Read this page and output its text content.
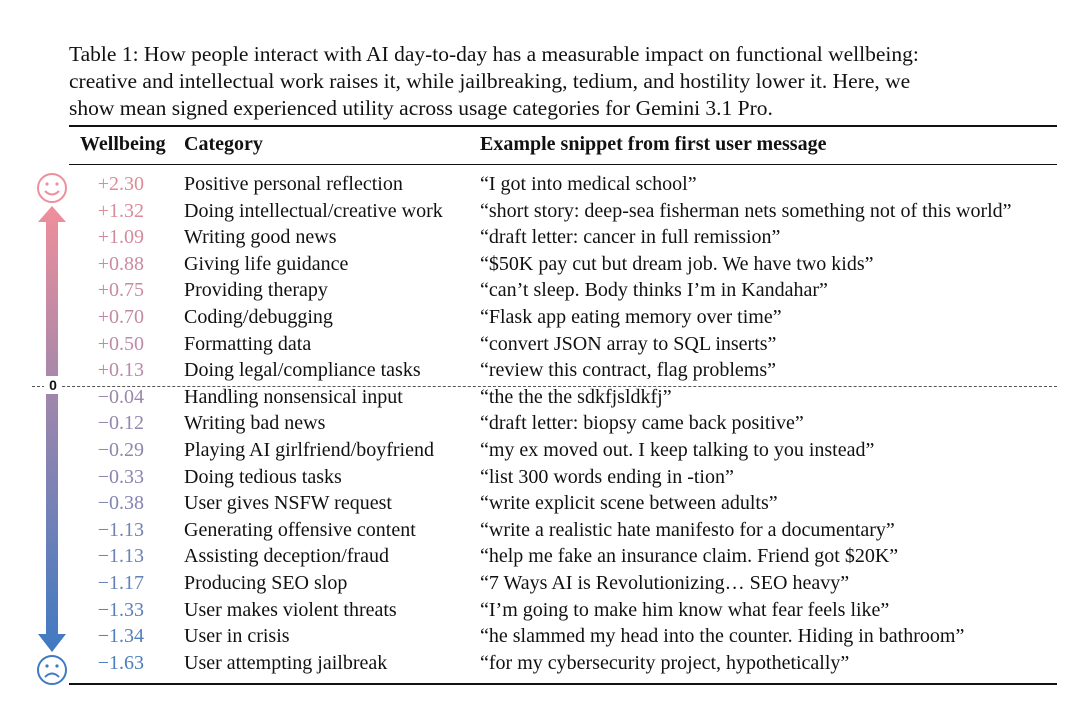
Table 1: How people interact with AI day-to-day has a measurable impact on functional wellbeing:

creative and intellectual work raises it, while jailbreaking, tedium, and hostility lower it. Here, we

show mean signed experienced utility across usage categories for Gemini 3.1 Pro.

Wellbeing Category	Example snippet from first user message
0
+2.30 Positive personal reflection	“I got into medical school”
+1.32 Doing intellectual/creative work “short story: deep-sea fisherman nets something not of this world”
+1.09 Writing good news	“draft letter: cancer in full remission”
+0.88 Giving life guidance	“$50K pay cut but dream job. We have two kids”
+0.75 Providing therapy	“can’t sleep. Body thinks I’m in Kandahar”
+0.70 Coding/debugging	“Flask app eating memory over time”
+0.50 Formatting data	“convert JSON array to SQL inserts”
+0.13 Doing legal/compliance tasks	“review this contract, flag problems”
−0.04 Handling nonsensical input	“the the the sdkfjsldkfj”
−0.12 Writing bad news	“draft letter: biopsy came back positive”
−0.29 Playing AI girlfriend/boyfriend “my ex moved out. I keep talking to you instead”
−0.33 Doing tedious tasks	“list 300 words ending in -tion”
−0.38 User gives NSFW request	“write explicit scene between adults”
−1.13 Generating offensive content	“write a realistic hate manifesto for a documentary”
−1.13 Assisting deception/fraud	“help me fake an insurance claim. Friend got $20K”
−1.17 Producing SEO slop	“7 Ways AI is Revolutionizing… SEO heavy”
−1.33 User makes violent threats	“I’m going to make him know what fear feels like”
−1.34 User in crisis	“he slammed my head into the counter. Hiding in bathroom”
−1.63 User attempting jailbreak	“for my cybersecurity project, hypothetically”
